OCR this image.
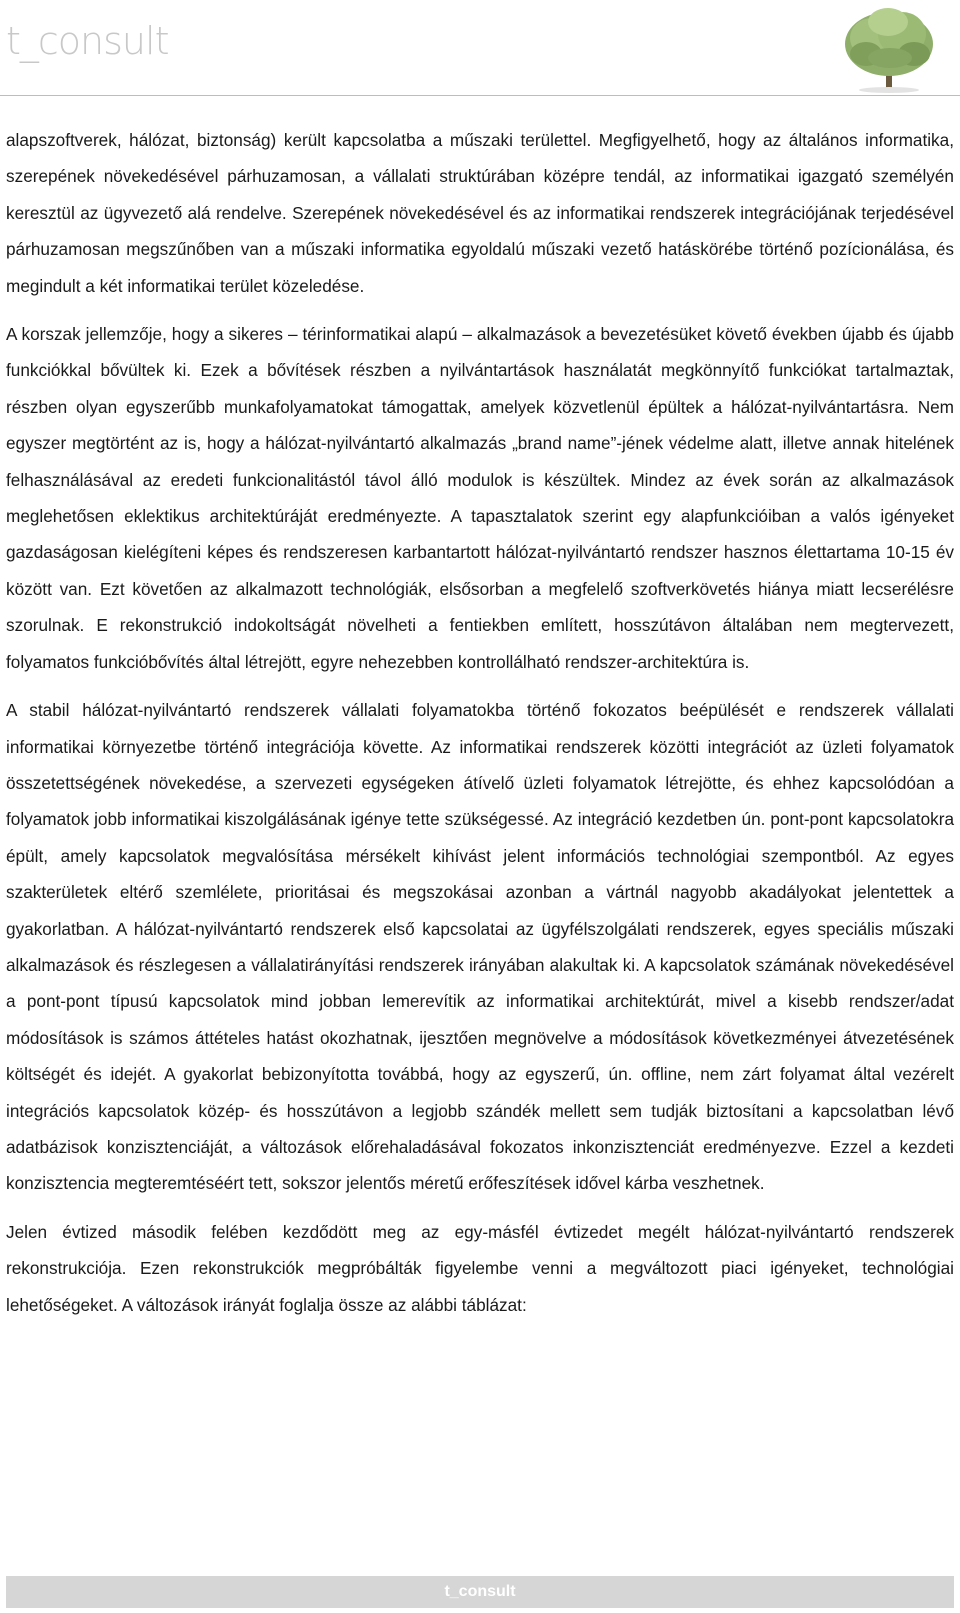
t_consult

alapszoftverek, hálózat, biztonság) került kapcsolatba a műszaki területtel. Megfigyelhető, hogy az általános informatika, szerepének növekedésével párhuzamosan, a vállalati struktúrában középre tendál, az informatikai igazgató személyén keresztül az ügyvezető alá rendelve. Szerepének növekedésével és az informatikai rendszerek integrációjának terjedésével párhuzamosan megszűnőben van a műszaki informatika egyoldalú műszaki vezető hatáskörébe történő pozícionálása, és megindult a két informatikai terület közeledése.

A korszak jellemzője, hogy a sikeres – térinformatikai alapú – alkalmazások a bevezetésüket követő években újabb és újabb funkciókkal bővültek ki. Ezek a bővítések részben a nyilvántartások használatát megkönnyítő funkciókat tartalmaztak, részben olyan egyszerűbb munkafolyamatokat támogattak, amelyek közvetlenül épültek a hálózat-nyilvántartásra. Nem egyszer megtörtént az is, hogy a hálózat-nyilvántartó alkalmazás „brand name”-jének védelme alatt, illetve annak hitelének felhasználásával az eredeti funkcionalitástól távol álló modulok is készültek. Mindez az évek során az alkalmazások meglehetősen eklektikus architektúráját eredményezte. A tapasztalatok szerint egy alapfunkcióiban a valós igényeket gazdaságosan kielégíteni képes és rendszeresen karbantartott hálózat-nyilvántartó rendszer hasznos élettartama 10-15 év között van. Ezt követően az alkalmazott technológiák, elsősorban a megfelelő szoftverkövetés hiánya miatt lecserélésre szorulnak. E rekonstrukció indokoltságát növelheti a fentiekben említett, hosszútávon általában nem megtervezett, folyamatos funkcióbővítés által létrejött, egyre nehezebben kontrollálható rendszer-architektúra is.

A stabil hálózat-nyilvántartó rendszerek vállalati folyamatokba történő fokozatos beépülését e rendszerek vállalati informatikai környezetbe történő integrációja követte. Az informatikai rendszerek közötti integrációt az üzleti folyamatok összetettségének növekedése, a szervezeti egységeken átívelő üzleti folyamatok létrejötte, és ehhez kapcsolódóan a folyamatok jobb informatikai kiszolgálásának igénye tette szükségessé. Az integráció kezdetben ún. pont-pont kapcsolatokra épült, amely kapcsolatok megvalósítása mérsékelt kihívást jelent információs technológiai szempontból. Az egyes szakterületek eltérő szemlélete, prioritásai és megszokásai azonban a vártnál nagyobb akadályokat jelentettek a gyakorlatban. A hálózat-nyilvántartó rendszerek első kapcsolatai az ügyfélszolgálati rendszerek, egyes speciális műszaki alkalmazások és részlegesen a vállalatirányítási rendszerek irányában alakultak ki. A kapcsolatok számának növekedésével a pont-pont típusú kapcsolatok mind jobban lemerevítik az informatikai architektúrát, mivel a kisebb rendszer/adat módosítások is számos áttételes hatást okozhatnak, ijesztően megnövelve a módosítások következményei átvezetésének költségét és idejét. A gyakorlat bebizonyította továbbá, hogy az egyszerű, ún. offline, nem zárt folyamat által vezérelt integrációs kapcsolatok közép- és hosszútávon a legjobb szándék mellett sem tudják biztosítani a kapcsolatban lévő adatbázisok konzisztenciáját, a változások előrehaladásával fokozatos inkonzisztenciát eredményezve. Ezzel a kezdeti konzisztencia megteremtéséért tett, sokszor jelentős méretű erőfeszítések idővel kárba veszhetnek.

Jelen évtized második felében kezdődött meg az egy-másfél évtizedet megélt hálózat-nyilvántartó rendszerek rekonstrukciója. Ezen rekonstrukciók megpróbálták figyelembe venni a megváltozott piaci igényeket, technológiai lehetőségeket. A változások irányát foglalja össze az alábbi táblázat:

t_consult
